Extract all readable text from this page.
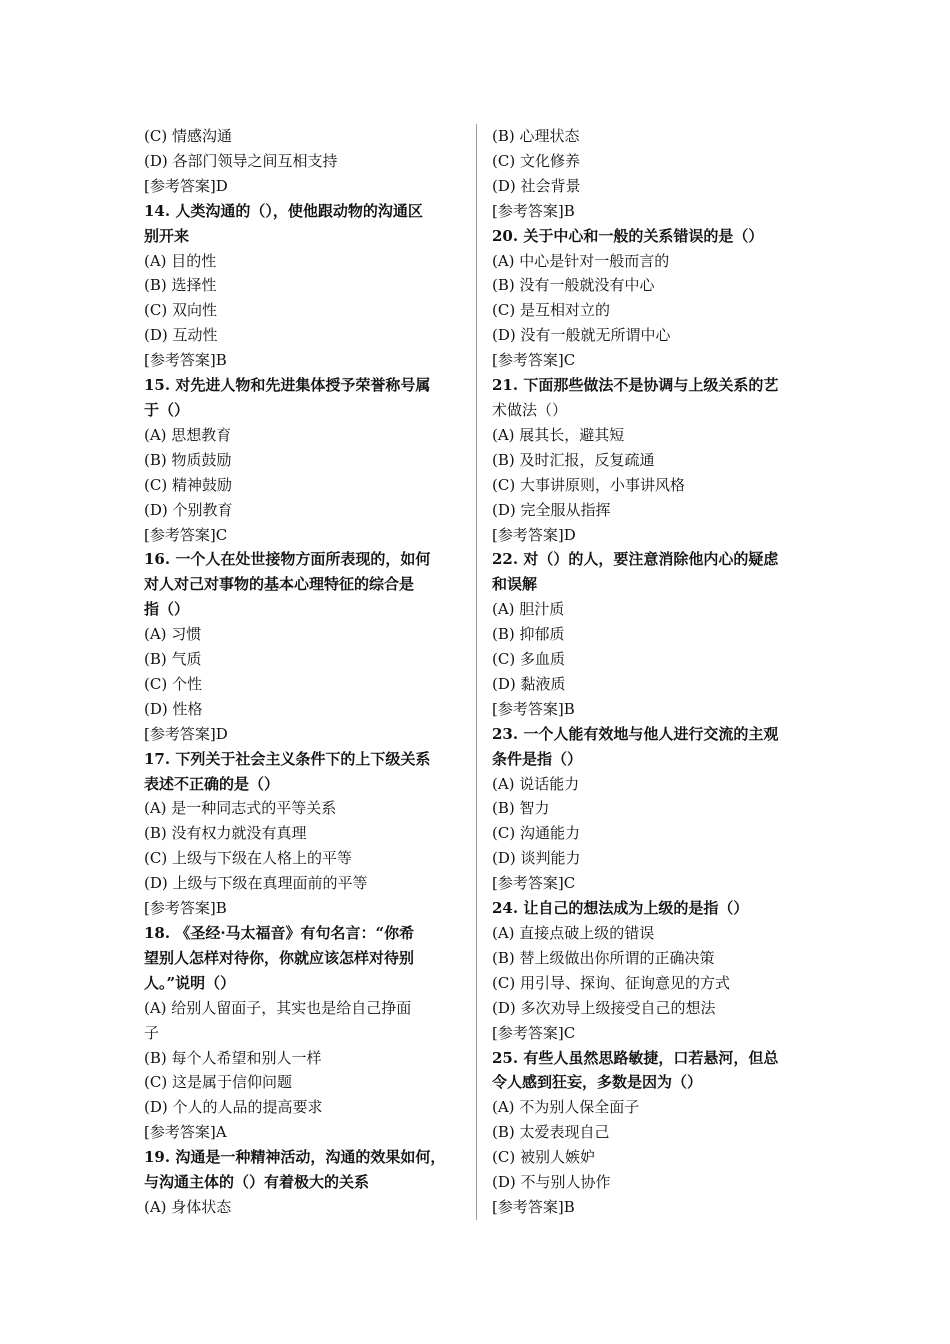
(C) 情感沟通
(D) 各部门领导之间互相支持
[参考答案]D
14. 人类沟通的（），使他跟动物的沟通区
别开来
(A) 目的性
(B) 选择性
(C) 双向性
(D) 互动性
[参考答案]B
15. 对先进人物和先进集体授予荣誉称号属
于（）
(A) 思想教育
(B) 物质鼓励
(C) 精神鼓励
(D) 个别教育
[参考答案]C
16. 一个人在处世接物方面所表现的，如何
对人对己对事物的基本心理特征的综合是
指（）
(A) 习惯
(B) 气质
(C) 个性
(D) 性格
[参考答案]D
17. 下列关于社会主义条件下的上下级关系
表述不正确的是（）
(A) 是一种同志式的平等关系
(B) 没有权力就没有真理
(C) 上级与下级在人格上的平等
(D) 上级与下级在真理面前的平等
[参考答案]B
18. 《圣经·马太福音》有句名言：“你希
望别人怎样对待你，你就应该怎样对待别
人。”说明（）
(A) 给别人留面子，其实也是给自己挣面
子
(B) 每个人希望和别人一样
(C) 这是属于信仰问题
(D) 个人的人品的提高要求
[参考答案]A
19. 沟通是一种精神活动，沟通的效果如何，
与沟通主体的（）有着极大的关系
(A) 身体状态
(B) 心理状态
(C) 文化修养
(D) 社会背景
[参考答案]B
20. 关于中心和一般的关系错误的是（）
(A) 中心是针对一般而言的
(B) 没有一般就没有中心
(C) 是互相对立的
(D) 没有一般就无所谓中心
[参考答案]C
21. 下面那些做法不是协调与上级关系的艺
术做法（）
(A) 展其长，避其短
(B) 及时汇报，反复疏通
(C) 大事讲原则，小事讲风格
(D) 完全服从指挥
[参考答案]D
22. 对（）的人，要注意消除他内心的疑虑
和误解
(A) 胆汁质
(B) 抑郁质
(C) 多血质
(D) 黏液质
[参考答案]B
23. 一个人能有效地与他人进行交流的主观
条件是指（）
(A) 说话能力
(B) 智力
(C) 沟通能力
(D) 谈判能力
[参考答案]C
24. 让自己的想法成为上级的是指（）
(A) 直接点破上级的错误
(B) 替上级做出你所谓的正确决策
(C) 用引导、探询、征询意见的方式
(D) 多次劝导上级接受自己的想法
[参考答案]C
25. 有些人虽然思路敏捷，口若悬河，但总
令人感到狂妄，多数是因为（）
(A) 不为别人保全面子
(B) 太爱表现自己
(C) 被别人嫉妒
(D) 不与别人协作
[参考答案]B
